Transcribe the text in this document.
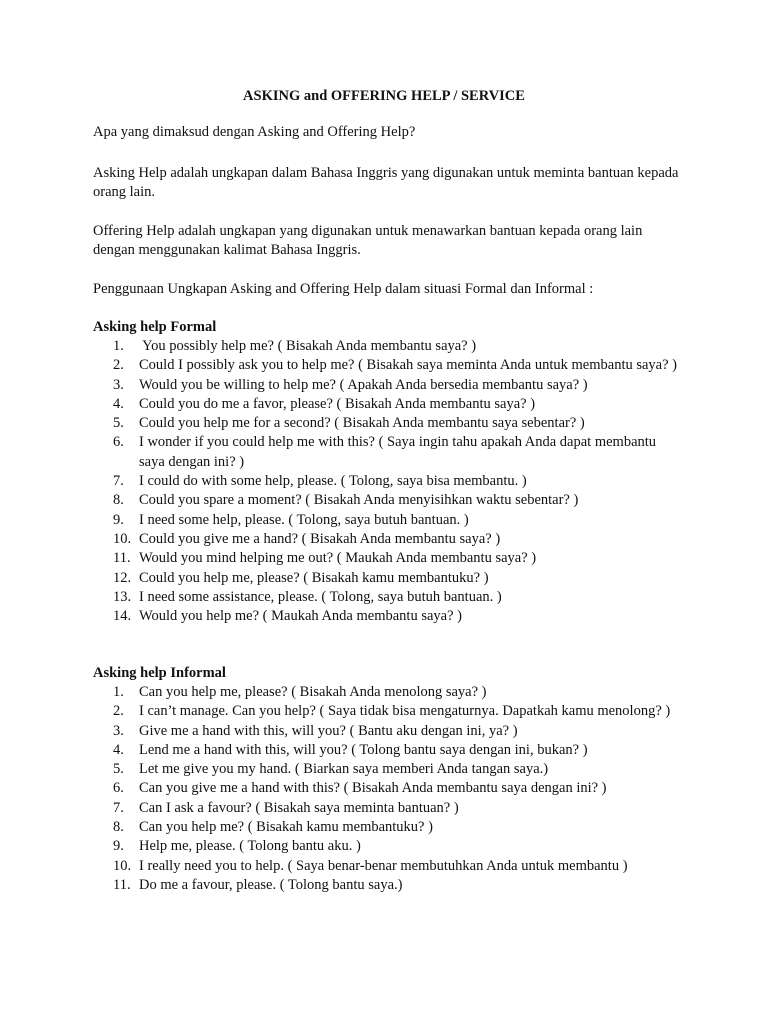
ASKING and OFFERING HELP / SERVICE

Apa yang dimaksud dengan Asking and Offering Help?

Asking Help adalah ungkapan dalam Bahasa Inggris yang digunakan untuk meminta bantuan kepada orang lain.

Offering Help adalah ungkapan yang digunakan untuk menawarkan bantuan kepada orang lain dengan menggunakan kalimat Bahasa Inggris.

Penggunaan Ungkapan Asking and Offering Help dalam situasi Formal dan Informal :

Asking help Formal
1.	You possibly help me? ( Bisakah Anda membantu saya? )
2.	Could I possibly ask you to help me? ( Bisakah saya meminta Anda untuk membantu saya? )
3.	Would you be willing to help me? ( Apakah Anda bersedia membantu saya? )
4.	Could you do me a favor, please? ( Bisakah Anda membantu saya? )
5.	Could you help me for a second? ( Bisakah Anda membantu saya sebentar? )
6.	I wonder if you could help me with this? ( Saya ingin tahu apakah Anda dapat membantu saya dengan ini? )
7.	I could do with some help, please. ( Tolong, saya bisa membantu. )
8.	Could you spare a moment? ( Bisakah Anda menyisihkan waktu sebentar? )
9.	I need some help, please. ( Tolong, saya butuh bantuan. )
10. Could you give me a hand? ( Bisakah Anda membantu saya? )
11. Would you mind helping me out? ( Maukah Anda membantu saya? )
12. Could you help me, please? ( Bisakah kamu membantuku? )
13. I need some assistance, please. ( Tolong, saya butuh bantuan. )
14. Would you help me? ( Maukah Anda membantu saya? )
Asking help Informal
1.	Can you help me, please? ( Bisakah Anda menolong saya? )
2.	I can’t manage. Can you help? ( Saya tidak bisa mengaturnya. Dapatkah kamu menolong? )
3.	Give me a hand with this, will you? ( Bantu aku dengan ini, ya? )
4.	Lend me a hand with this, will you? ( Tolong bantu saya dengan ini, bukan? )
5.	Let me give you my hand. ( Biarkan saya memberi Anda tangan saya.)
6.	Can you give me a hand with this? ( Bisakah Anda membantu saya dengan ini? )
7.	Can I ask a favour? ( Bisakah saya meminta bantuan? )
8.	Can you help me? ( Bisakah kamu membantuku? )
9.	Help me, please. ( Tolong bantu aku. )
10. I really need you to help. ( Saya benar-benar membutuhkan Anda untuk membantu )
11. Do me a favour, please. ( Tolong bantu saya.)
